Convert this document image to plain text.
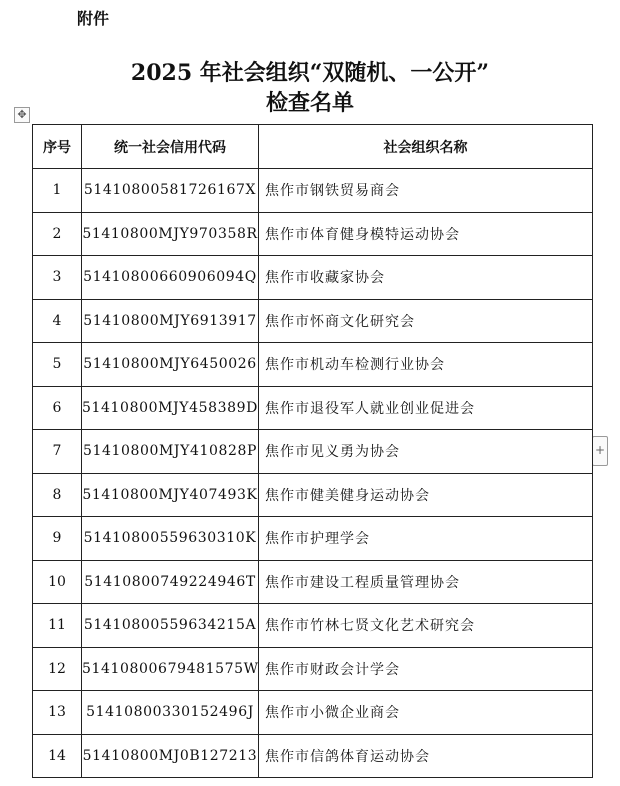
附件
2025 年社会组织“双随机、一公开”
检查名单
✥
+
序号	统一社会信用代码	社会组织名称
1	51410800581726167X	焦作市钢铁贸易商会
2	51410800MJY970358R	焦作市体育健身模特运动协会
3	51410800660906094Q	焦作市收藏家协会
4	51410800MJY6913917	焦作市怀商文化研究会
5	51410800MJY6450026	焦作市机动车检测行业协会
6	51410800MJY458389D	焦作市退役军人就业创业促进会
7	51410800MJY410828P	焦作市见义勇为协会
8	51410800MJY407493K	焦作市健美健身运动协会
9	51410800559630310K	焦作市护理学会
10	51410800749224946T	焦作市建设工程质量管理协会
11	51410800559634215A	焦作市竹林七贤文化艺术研究会
12	51410800679481575W	焦作市财政会计学会
13	51410800330152496J	焦作市小微企业商会
14	51410800MJ0B127213	焦作市信鸽体育运动协会
